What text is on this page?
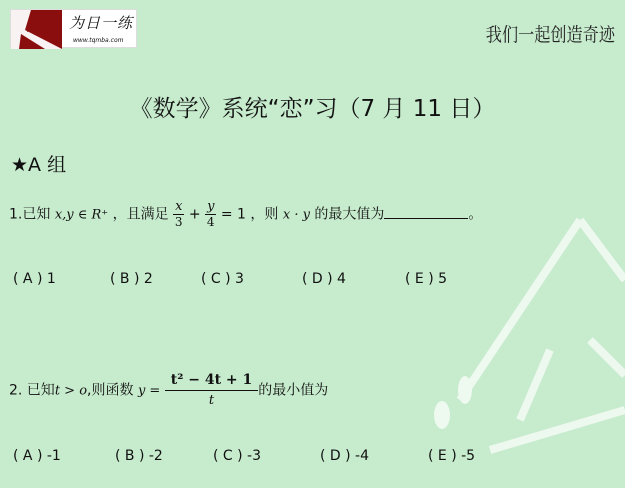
为日一练
www.tqmba.com	我们一起创造奇迹
《数学》系统“恋”习（7 月 11 日）
★A 组
1.已知 x,y ∈ R⁺ ，且满足 $\frac{x}{3} + \frac{y}{4} = 1$ ，则 x · y 的最大值为	。
( A ) 1	( B ) 2	( C ) 3	( D ) 4	( E ) 5
2. 已知t > o,则函数 $y = \frac{\text{t² − 4t + 1}}{t}$ 的最小值为
( A ) -1	( B ) -2	( C ) -3	( D ) -4	( E ) -5
